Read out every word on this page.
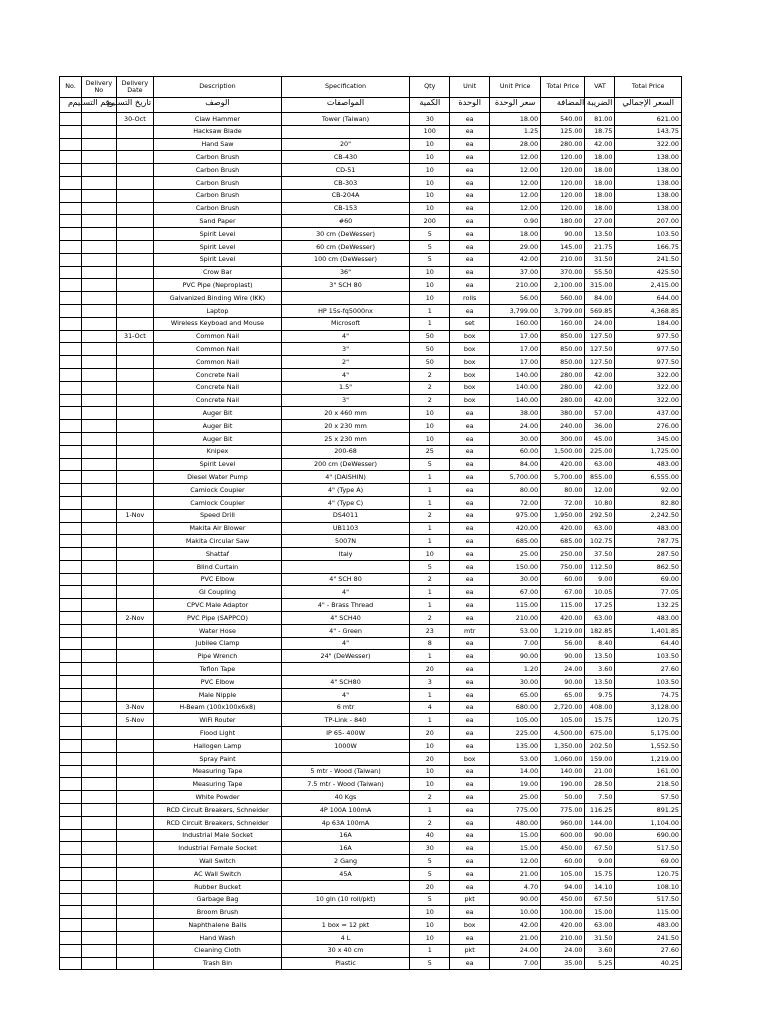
No.	Delivery No	Delivery Date	Description	Specification	Qty	Unit	Unit Price	Total Price	VAT	Total Price
م	رقم التسليم	تاريخ التسليم	الوصف	المواصفات	الكمية	الوحدة	سعر الوحدة		الضريبة المضافة	السعر الإجمالي
		30-Oct	Claw Hammer	Tower (Taiwan)	30	ea	18.00	540.00	81.00	621.00
			Hacksaw Blade		100	ea	1.25	125.00	18.75	143.75
			Hand Saw	20"	10	ea	28.00	280.00	42.00	322.00
			Carbon Brush	CB-430	10	ea	12.00	120.00	18.00	138.00
			Carbon Brush	CD-51	10	ea	12.00	120.00	18.00	138.00
			Carbon Brush	CB-303	10	ea	12.00	120.00	18.00	138.00
			Carbon Brush	CB-204A	10	ea	12.00	120.00	18.00	138.00
			Carbon Brush	CB-153	10	ea	12.00	120.00	18.00	138.00
			Sand Paper	#60	200	ea	0.90	180.00	27.00	207.00
			Spirit Level	30 cm (DeWesser)	5	ea	18.00	90.00	13.50	103.50
			Spirit Level	60 cm (DeWesser)	5	ea	29.00	145.00	21.75	166.75
			Spirit Level	100 cm (DeWesser)	5	ea	42.00	210.00	31.50	241.50
			Crow Bar	36"	10	ea	37.00	370.00	55.50	425.50
			PVC Pipe (Neproplast)	3" SCH 80	10	ea	210.00	2,100.00	315.00	2,415.00
			Galvanized Binding Wire (IKK)		10	rolls	56.00	560.00	84.00	644.00
			Laptop	HP 15s-fq5000nx	1	ea	3,799.00	3,799.00	569.85	4,368.85
			Wireless Keyboad and Mouse	Microsoft	1	set	160.00	160.00	24.00	184.00
		31-Oct	Common Nail	4"	50	box	17.00	850.00	127.50	977.50
			Common Nail	3"	50	box	17.00	850.00	127.50	977.50
			Common Nail	2"	50	box	17.00	850.00	127.50	977.50
			Concrete Nail	4"	2	box	140.00	280.00	42.00	322.00
			Concrete Nail	1.5"	2	box	140.00	280.00	42.00	322.00
			Concrete Nail	3"	2	box	140.00	280.00	42.00	322.00
			Auger Bit	20 x 460 mm	10	ea	38.00	380.00	57.00	437.00
			Auger Bit	20 x 230 mm	10	ea	24.00	240.00	36.00	276.00
			Auger Bit	25 x 230 mm	10	ea	30.00	300.00	45.00	345.00
			Knipex	200-68	25	ea	60.00	1,500.00	225.00	1,725.00
			Spirit Level	200 cm (DeWesser)	5	ea	84.00	420.00	63.00	483.00
			Diesel Water Pump	4" (DAISHIN)	1	ea	5,700.00	5,700.00	855.00	6,555.00
			Camlock Coupler	4" (Type A)	1	ea	80.00	80.00	12.00	92.00
			Camlock Coupler	4" (Type C)	1	ea	72.00	72.00	10.80	82.80
		1-Nov	Speed Drill	DS4011	2	ea	975.00	1,950.00	292.50	2,242.50
			Makita Air Blower	UB1103	1	ea	420.00	420.00	63.00	483.00
			Makita Circular Saw	5007N	1	ea	685.00	685.00	102.75	787.75
			Shattaf	Italy	10	ea	25.00	250.00	37.50	287.50
			Blind Curtain		5	ea	150.00	750.00	112.50	862.50
			PVC Elbow	4" SCH 80	2	ea	30.00	60.00	9.00	69.00
			GI Coupling	4"	1	ea	67.00	67.00	10.05	77.05
			CPVC Male Adaptor	4" - Brass Thread	1	ea	115.00	115.00	17.25	132.25
		2-Nov	PVC Pipe (SAPPCO)	4" SCH40	2	ea	210.00	420.00	63.00	483.00
			Water Hose	4" - Green	23	mtr	53.00	1,219.00	182.85	1,401.85
			Jubilee Clamp	4"	8	ea	7.00	56.00	8.40	64.40
			Pipe Wrench	24" (DeWesser)	1	ea	90.00	90.00	13.50	103.50
			Teflon Tape		20	ea	1.20	24.00	3.60	27.60
			PVC Elbow	4" SCH80	3	ea	30.00	90.00	13.50	103.50
			Male Nipple	4"	1	ea	65.00	65.00	9.75	74.75
		3-Nov	H-Beam (100x100x6x8)	6 mtr	4	ea	680.00	2,720.00	408.00	3,128.00
		5-Nov	WiFi Router	TP-Link - 840	1	ea	105.00	105.00	15.75	120.75
			Flood Light	IP 65- 400W	20	ea	225.00	4,500.00	675.00	5,175.00
			Hallogen Lamp	1000W	10	ea	135.00	1,350.00	202.50	1,552.50
			Spray Paint		20	box	53.00	1,060.00	159.00	1,219.00
			Measuring Tape	5 mtr - Wood (Taiwan)	10	ea	14.00	140.00	21.00	161.00
			Measuring Tape	7.5 mtr - Wood (Taiwan)	10	ea	19.00	190.00	28.50	218.50
			White Powder	40 Kgs	2	ea	25.00	50.00	7.50	57.50
			RCD Circuit Breakers, Schneider	4P 100A 100mA	1	ea	775.00	775.00	116.25	891.25
			RCD Circuit Breakers, Schneider	4p 63A 100mA	2	ea	480.00	960.00	144.00	1,104.00
			Industrial Male Socket	16A	40	ea	15.00	600.00	90.00	690.00
			Industrial Female Socket	16A	30	ea	15.00	450.00	67.50	517.50
			Wall Switch	2 Gang	5	ea	12.00	60.00	9.00	69.00
			AC Wall Switch	45A	5	ea	21.00	105.00	15.75	120.75
			Rubber Bucket		20	ea	4.70	94.00	14.10	108.10
			Garbage Bag	10 gln (10 roll/pkt)	5	pkt	90.00	450.00	67.50	517.50
			Broom Brush		10	ea	10.00	100.00	15.00	115.00
			Naphthalene Balls	1 box = 12 pkt	10	box	42.00	420.00	63.00	483.00
			Hand Wash	4 L	10	ea	21.00	210.00	31.50	241.50
			Cleaning Cloth	30 x 40 cm	1	pkt	24.00	24.00	3.60	27.60
			Trash Bin	Plastic	5	ea	7.00	35.00	5.25	40.25
